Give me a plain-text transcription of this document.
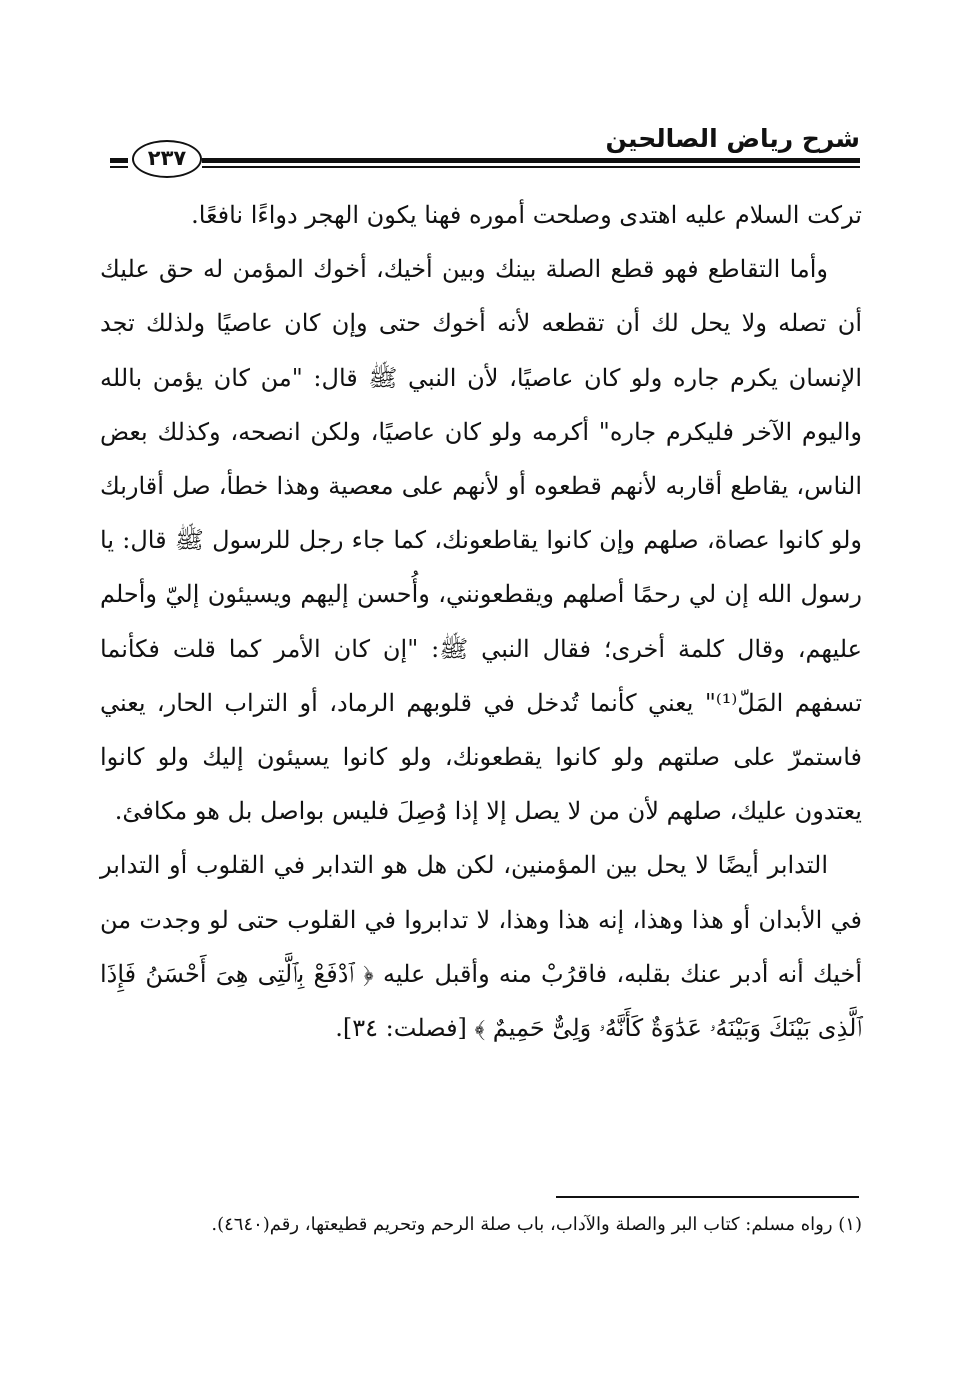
شرح رياض الصالحين
٢٣٧

تركت السلام عليه اهتدى وصلحت أموره فهنا يكون الهجر دواءًا نافعًا.

وأما التقاطع فهو قطع الصلة بينك وبين أخيك، أخوك المؤمن له حق عليك أن تصله ولا يحل لك أن تقطعه لأنه أخوك حتى وإن كان عاصيًا ولذلك تجد الإنسان يكرم جاره ولو كان عاصيًا، لأن النبي ﷺ قال: "من كان يؤمن بالله واليوم الآخر فليكرم جاره" أكرمه ولو كان عاصيًا، ولكن انصحه، وكذلك بعض الناس، يقاطع أقاربه لأنهم قطعوه أو لأنهم على معصية وهذا خطأ، صل أقاربك ولو كانوا عصاة، صلهم وإن كانوا يقاطعونك، كما جاء رجل للرسول ﷺ قال: يا رسول الله إن لي رحمًا أصلهم ويقطعونني، وأُحسن إليهم ويسيئون إليّ وأحلم عليهم، وقال كلمة أخرى؛ فقال النبي ﷺ: "إن كان الأمر كما قلت فكأنما تسفهم المَلّ⁽¹⁾" يعني كأنما تُدخل في قلوبهم الرماد، أو التراب الحار، يعني فاستمرّ على صلتهم ولو كانوا يقطعونك، ولو كانوا يسيئون إليك ولو كانوا يعتدون عليك، صلهم لأن من لا يصل إلا إذا وُصِلَ فليس بواصل بل هو مكافئ.

التدابر أيضًا لا يحل بين المؤمنين، لكن هل هو التدابر في القلوب أو التدابر في الأبدان أو هذا وهذا، إنه هذا وهذا، لا تدابروا في القلوب حتى لو وجدت من أخيك أنه أدبر عنك بقلبه، فاقرُبْ منه وأقبل عليه ﴿ ٱدْفَعْ بِٱلَّتِى هِىَ أَحْسَنُ فَإِذَا ٱلَّذِى بَيْنَكَ وَبَيْنَهُۥ عَدَٰوَةٌ كَأَنَّهُۥ وَلِىٌّ حَمِيمٌ ﴾ [فصلت: ٣٤].

(١) رواه مسلم: كتاب البر والصلة والآداب، باب صلة الرحم وتحريم قطيعتها، رقم(٤٦٤٠).
